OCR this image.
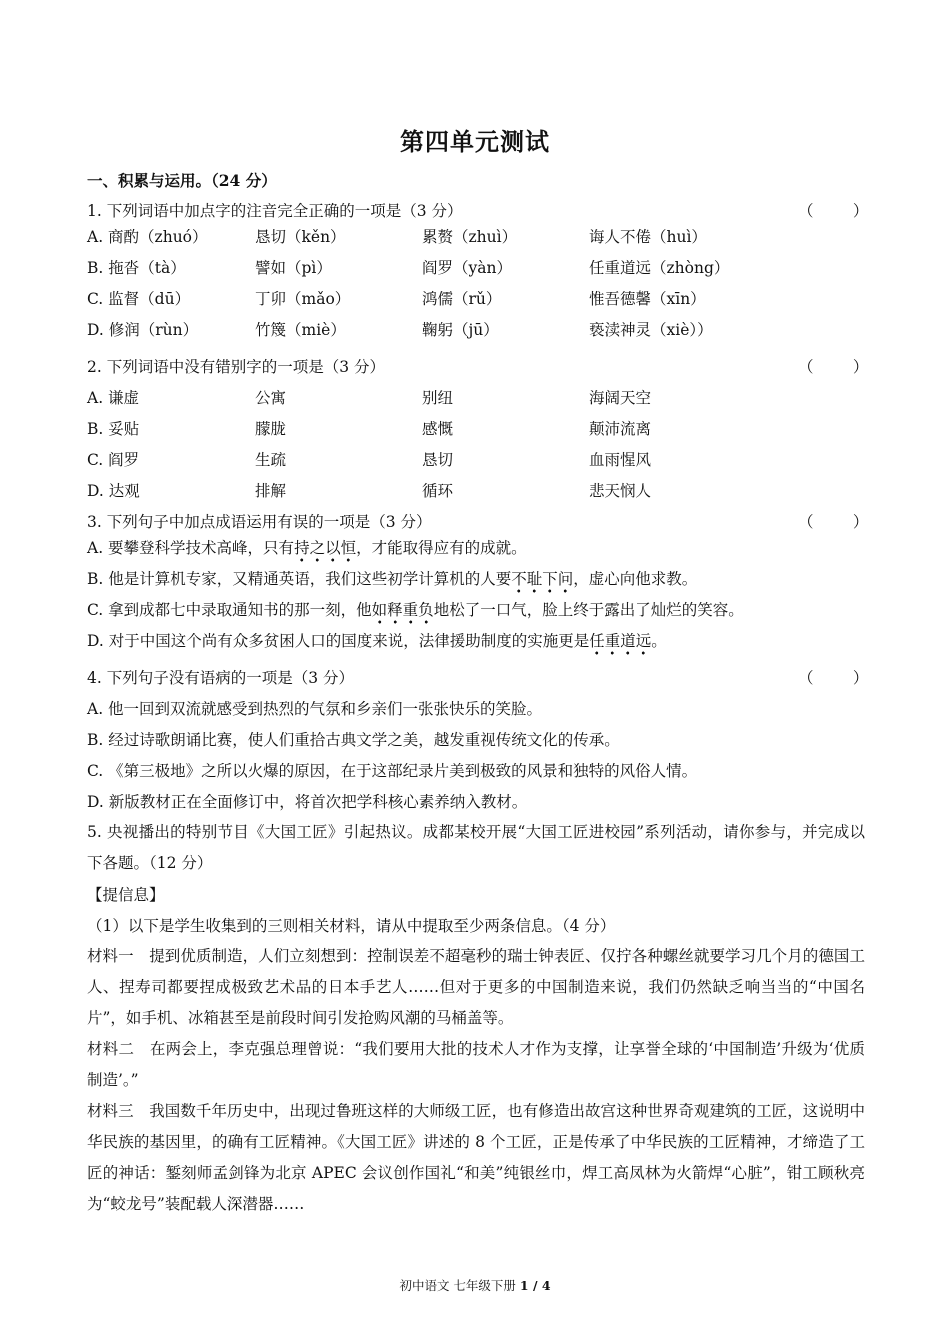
第四单元测试
一、积累与运用。（24 分）
1. 下列词语中加点字的注音完全正确的一项是（3 分）	（        ）
A. 商酌（zhuó）	恳切（kěn）	累赘（zhuì）	诲人不倦（huì）
B. 拖沓（tà）	譬如（pì）	阎罗（yàn）	任重道远（zhòng）
C. 监督（dū）	丁卯（mǎo）	鸿儒（rǔ）	惟吾德馨（xīn）
D. 修润（rùn）	竹篾（miè）	鞠躬（jū）	亵渎神灵（xiè））
2. 下列词语中没有错别字的一项是（3 分）	（        ）
A. 谦虚	公寓	别纽	海阔天空
B. 妥贴	朦胧	感慨	颠沛流离
C. 阎罗	生疏	恳切	血雨惺风
D. 达观	排解	循环	悲天悯人
3. 下列句子中加点成语运用有误的一项是（3 分）	（        ）
A. 要攀登科学技术高峰，只有持之以恒，才能取得应有的成就。
B. 他是计算机专家，又精通英语，我们这些初学计算机的人要不耻下问，虚心向他求教。
C. 拿到成都七中录取通知书的那一刻，他如释重负地松了一口气，脸上终于露出了灿烂的笑容。
D. 对于中国这个尚有众多贫困人口的国度来说，法律援助制度的实施更是任重道远。
4. 下列句子没有语病的一项是（3 分）	（        ）
A. 他一回到双流就感受到热烈的气氛和乡亲们一张张快乐的笑脸。
B. 经过诗歌朗诵比赛，使人们重拾古典文学之美，越发重视传统文化的传承。
C. 《第三极地》之所以火爆的原因，在于这部纪录片美到极致的风景和独特的风俗人情。
D. 新版教材正在全面修订中，将首次把学科核心素养纳入教材。
5. 央视播出的特别节目《大国工匠》引起热议。成都某校开展“大国工匠进校园”系列活动，请你参与，并完成以下各题。（12 分）
【提信息】
（1）以下是学生收集到的三则相关材料，请从中提取至少两条信息。（4 分）
材料一　提到优质制造，人们立刻想到：控制误差不超毫秒的瑞士钟表匠、仅拧各种螺丝就要学习几个月的德国工人、捏寿司都要捏成极致艺术品的日本手艺人……但对于更多的中国制造来说，我们仍然缺乏响当当的“中国名片”，如手机、冰箱甚至是前段时间引发抢购风潮的马桶盖等。
材料二　在两会上，李克强总理曾说：“我们要用大批的技术人才作为支撑，让享誉全球的‘中国制造’升级为‘优质制造’。”
材料三　我国数千年历史中，出现过鲁班这样的大师级工匠，也有修造出故宫这种世界奇观建筑的工匠，这说明中华民族的基因里，的确有工匠精神。《大国工匠》讲述的 8 个工匠，正是传承了中华民族的工匠精神，才缔造了工匠的神话：錾刻师孟剑锋为北京 APEC 会议创作国礼“和美”纯银丝巾，焊工高凤林为火箭焊“心脏”，钳工顾秋亮为“蛟龙号”装配载人深潜器……
初中语文 七年级下册 1 / 4
